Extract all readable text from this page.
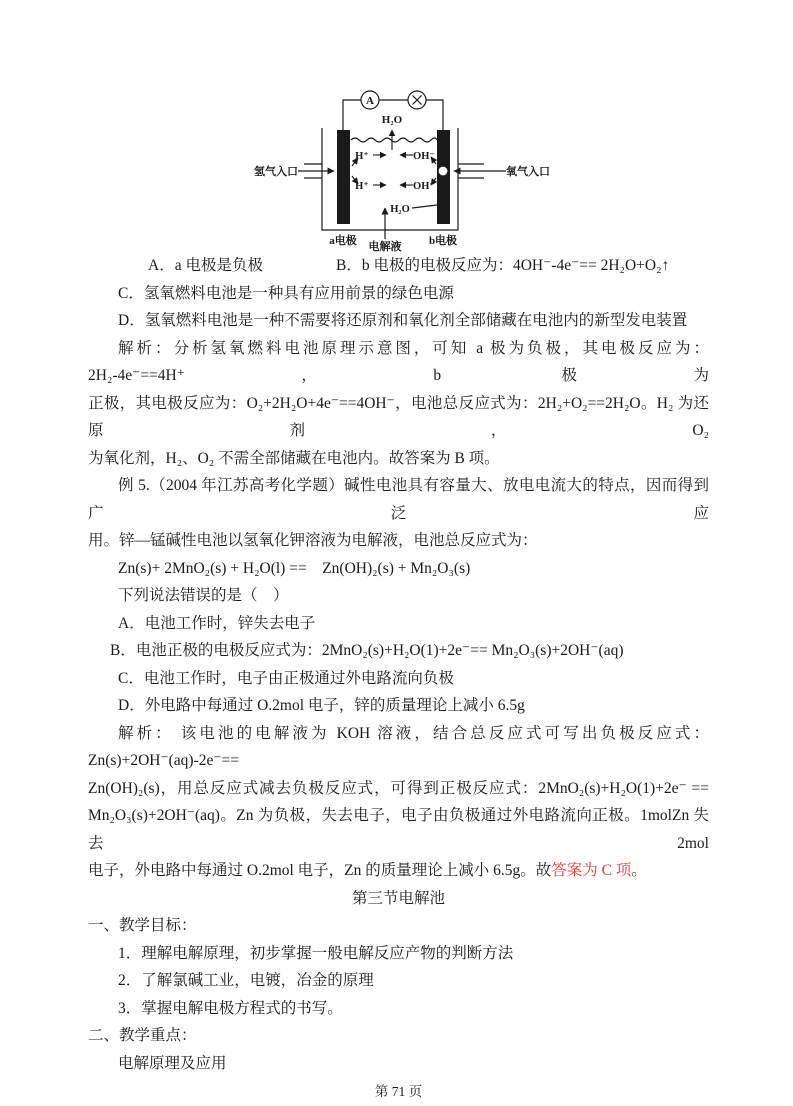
A
H₂O
H⁺	OH⁻
H⁺	OH⁻
H₂O
氢气入口	氧气入口
a电极 电解液 b电极

A．a 电极是负极	B．b 电极的电极反应为：4OH⁻-4e⁻== 2H₂O+O₂↑

C．氢氧燃料电池是一种具有应用前景的绿色电源

D．氢氧燃料电池是一种不需要将还原剂和氧化剂全部储藏在电池内的新型发电装置

解析：分析氢氧燃料电池原理示意图，可知 a 极为负极，其电极反应为：2H₂-4e⁻==4H⁺，b 极为
正极，其电极反应为：O₂+2H₂O+4e⁻==4OH⁻，电池总反应式为：2H₂+O₂==2H₂O。H₂ 为还原剂，O₂
为氧化剂，H₂、O₂ 不需全部储藏在电池内。故答案为 B 项。
例 5.（2004 年江苏高考化学题）碱性电池具有容量大、放电电流大的特点，因而得到广泛应
用。锌—锰碱性电池以氢氧化钾溶液为电解液，电池总反应式为：

Zn(s)+ 2MnO₂(s) + H₂O(l) ==　Zn(OH)₂(s) + Mn₂O₃(s)

下列说法错误的是（　）

A．电池工作时，锌失去电子

B．电池正极的电极反应式为：2MnO₂(s)+H₂O(1)+2e⁻== Mn₂O₃(s)+2OH⁻(aq)

C．电池工作时，电子由正极通过外电路流向负极

D．外电路中每通过 O.2mol 电子，锌的质量理论上减小 6.5g

解析： 该电池的电解液为 KOH 溶液，结合总反应式可写出负极反应式：Zn(s)+2OH⁻(aq)-2e⁻==
Zn(OH)₂(s)，用总反应式减去负极反应式，可得到正极反应式：2MnO₂(s)+H₂O(1)+2e⁻ ==
Mn₂O₃(s)+2OH⁻(aq)。Zn 为负极，失去电子，电子由负极通过外电路流向正极。1molZn 失去 2mol
电子，外电路中每通过 O.2mol 电子，Zn 的质量理论上减小 6.5g。故答案为 C 项。
第三节电解池

一、教学目标：

1．理解电解原理，初步掌握一般电解反应产物的判断方法

2．了解氯碱工业，电镀，冶金的原理

3．掌握电解电极方程式的书写。

二、教学重点：

电解原理及应用

第 71 页
